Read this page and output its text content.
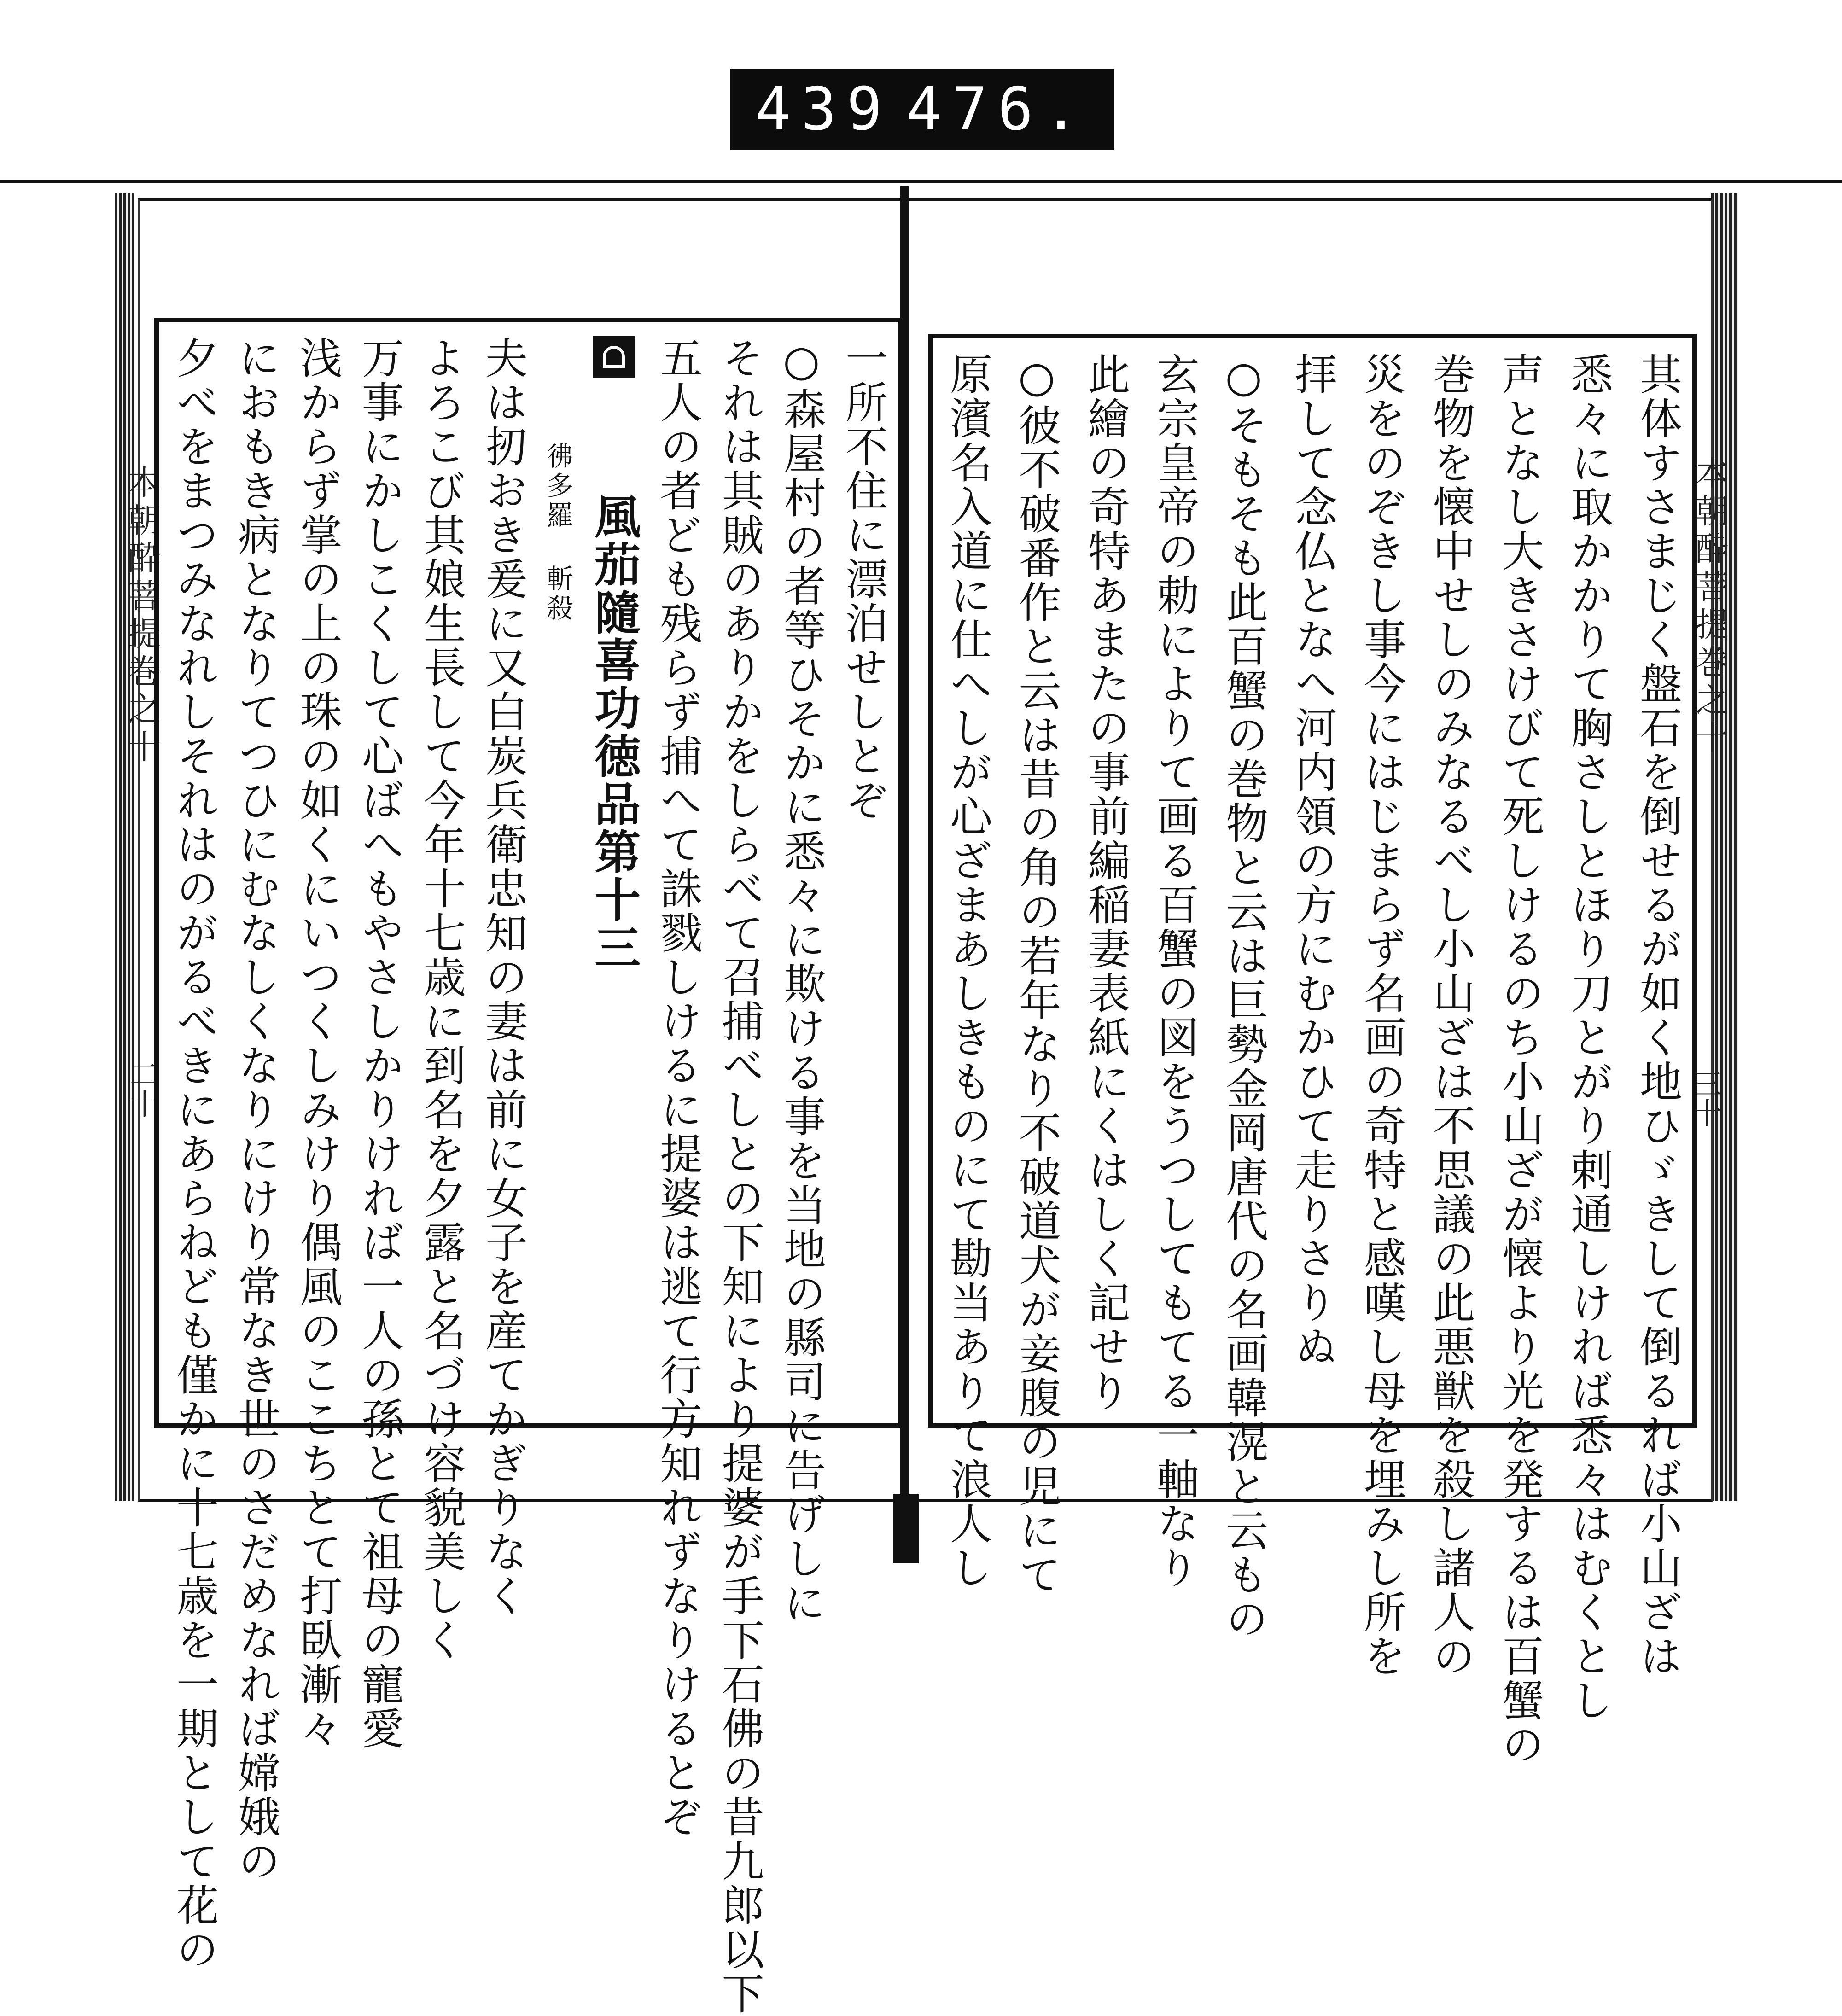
439 476.
本朝酔菩提巻之十	本朝酔菩提巻之十
二十	三十
其体すさまじく盤石を倒せるが如く地ひゞきして倒るれば小山ざは
悉々に取かかりて胸さしとほり刀とがり剌通しければ悉々はむくとし
声となし大きさけびて死しけるのち小山ざが懐より光を発するは百蟹の
巻物を懐中せしのみなるべし小山ざは不思議の此悪獣を殺し諸人の
災をのぞきし事今にはじまらず名画の奇特と感嘆し母を埋みし所を
拝して念仏となへ河内領の方にむかひて走りさりぬ
○そもそも此百蟹の巻物と云は巨勢金岡唐代の名画韓滉と云もの
玄宗皇帝の勅によりて画る百蟹の図をうつしてもてる一軸なり
此繪の奇特あまたの事前編稲妻表紙にくはしく記せり
○彼不破番作と云は昔の角の若年なり不破道犬が妾腹の児にて
原濱名入道に仕へしが心ざまあしきものにて勘当ありて浪人し
一所不住に漂泊せしとぞ
○森屋村の者等ひそかに悉々に欺ける事を当地の縣司に告げしに
それは其賊のありかをしらべて召捕べしとの下知により提婆が手下石佛の昔九郎以下
五人の者ども残らず捕へて誅戮しけるに提婆は逃て行方知れずなりけるとぞ
風茄隨喜功徳品第十三
彿多羅 斬殺
夫は扨おき爰に又白炭兵衛忠知の妻は前に女子を産てかぎりなく
よろこび其娘生長して今年十七歳に到名を夕露と名づけ容貌美しく
万事にかしこくして心ばへもやさしかりければ一人の孫とて祖母の寵愛
浅からず掌の上の珠の如くにいつくしみけり偶風のここちとて打臥漸々
におもき病となりてつひにむなしくなりにけり常なき世のさだめなれば嫦娥の
夕べをまつみなれしそれはのがるべきにあらねども僅かに十七歳を一期として花の
